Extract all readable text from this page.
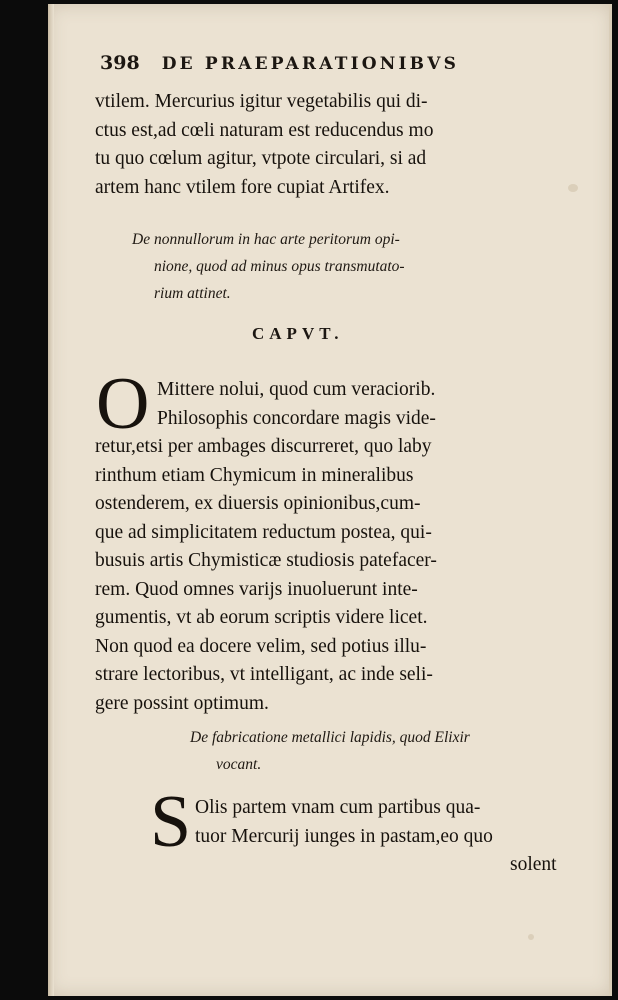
398 DE PRAEPARATIONIBVS
vtilem. Mercurius igitur vegetabilis qui di-
ctus est,ad cœli naturam est reducendus mo
tu quo cœlum agitur, vtpote circulari, si ad
artem hanc vtilem fore cupiat Artifex.
De nonnullorum in hac arte peritorum opi-
nione, quod ad minus opus transmutato-
rium attinet.
CAPVT.
O Mittere nolui, quod cum veraciorib.
Philosophis concordare magis vide-
retur,etsi per ambages discurreret, quo laby
rinthum etiam Chymicum in mineralibus
ostenderem, ex diuersis opinionibus,cum-
que ad simplicitatem reductum postea, qui-
busuis artis Chymisticæ studiosis patefacer-
rem. Quod omnes varijs inuoluerunt inte-
gumentis, vt ab eorum scriptis videre licet.
Non quod ea docere velim, sed potius illu-
strare lectoribus, vt intelligant, ac inde seli-
gere possint optimum.
De fabricatione metallici lapidis, quod Elixir
vocant.
S Olis partem vnam cum partibus qua-
tuor Mercurij iunges in pastam,eo quo
solent
